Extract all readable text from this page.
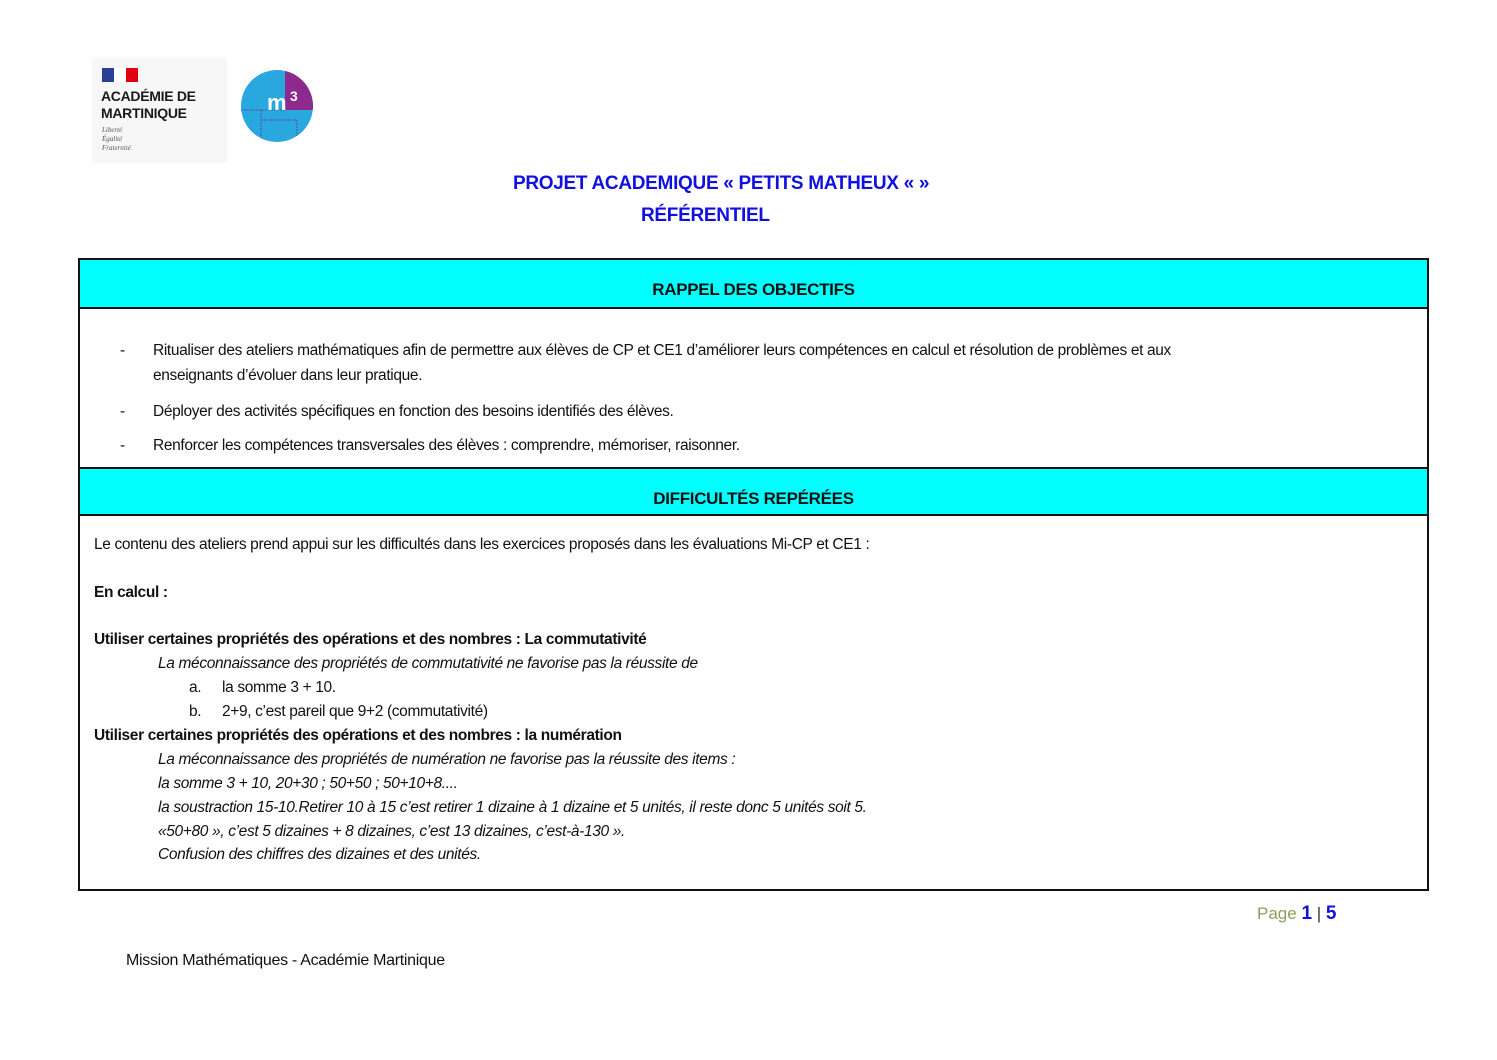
ACADÉMIE DE MARTINIQUE
Liberté
Égalité
Fraternité
m 3
PROJET ACADEMIQUE « PETITS MATHEUX « »
RÉFÉRENTIEL
RAPPEL DES OBJECTIFS
- Ritualiser des ateliers mathématiques afin de permettre aux élèves de CP et CE1 d’améliorer leurs compétences en calcul et résolution de problèmes et aux
enseignants d’évoluer dans leur pratique.
- Déployer des activités spécifiques en fonction des besoins identifiés des élèves.
- Renforcer les compétences transversales des élèves : comprendre, mémoriser, raisonner.
DIFFICULTÉS REPÉRÉES
Le contenu des ateliers prend appui sur les difficultés dans les exercices proposés dans les évaluations Mi-CP et CE1 :
En calcul :
Utiliser certaines propriétés des opérations et des nombres : La commutativité
La méconnaissance des propriétés de commutativité ne favorise pas la réussite de
a. la somme 3 + 10.
b. 2+9, c’est pareil que 9+2 (commutativité)
Utiliser certaines propriétés des opérations et des nombres : la numération
La méconnaissance des propriétés de numération ne favorise pas la réussite des items :
la somme 3 + 10, 20+30 ; 50+50 ; 50+10+8....
la soustraction 15-10.Retirer 10 à 15 c’est retirer 1 dizaine à 1 dizaine et 5 unités, il reste donc 5 unités soit 5.
«50+80 », c’est 5 dizaines + 8 dizaines, c’est 13 dizaines, c’est-à-130 ».
Confusion des chiffres des dizaines et des unités.
Page 1 | 5
Mission Mathématiques - Académie Martinique
